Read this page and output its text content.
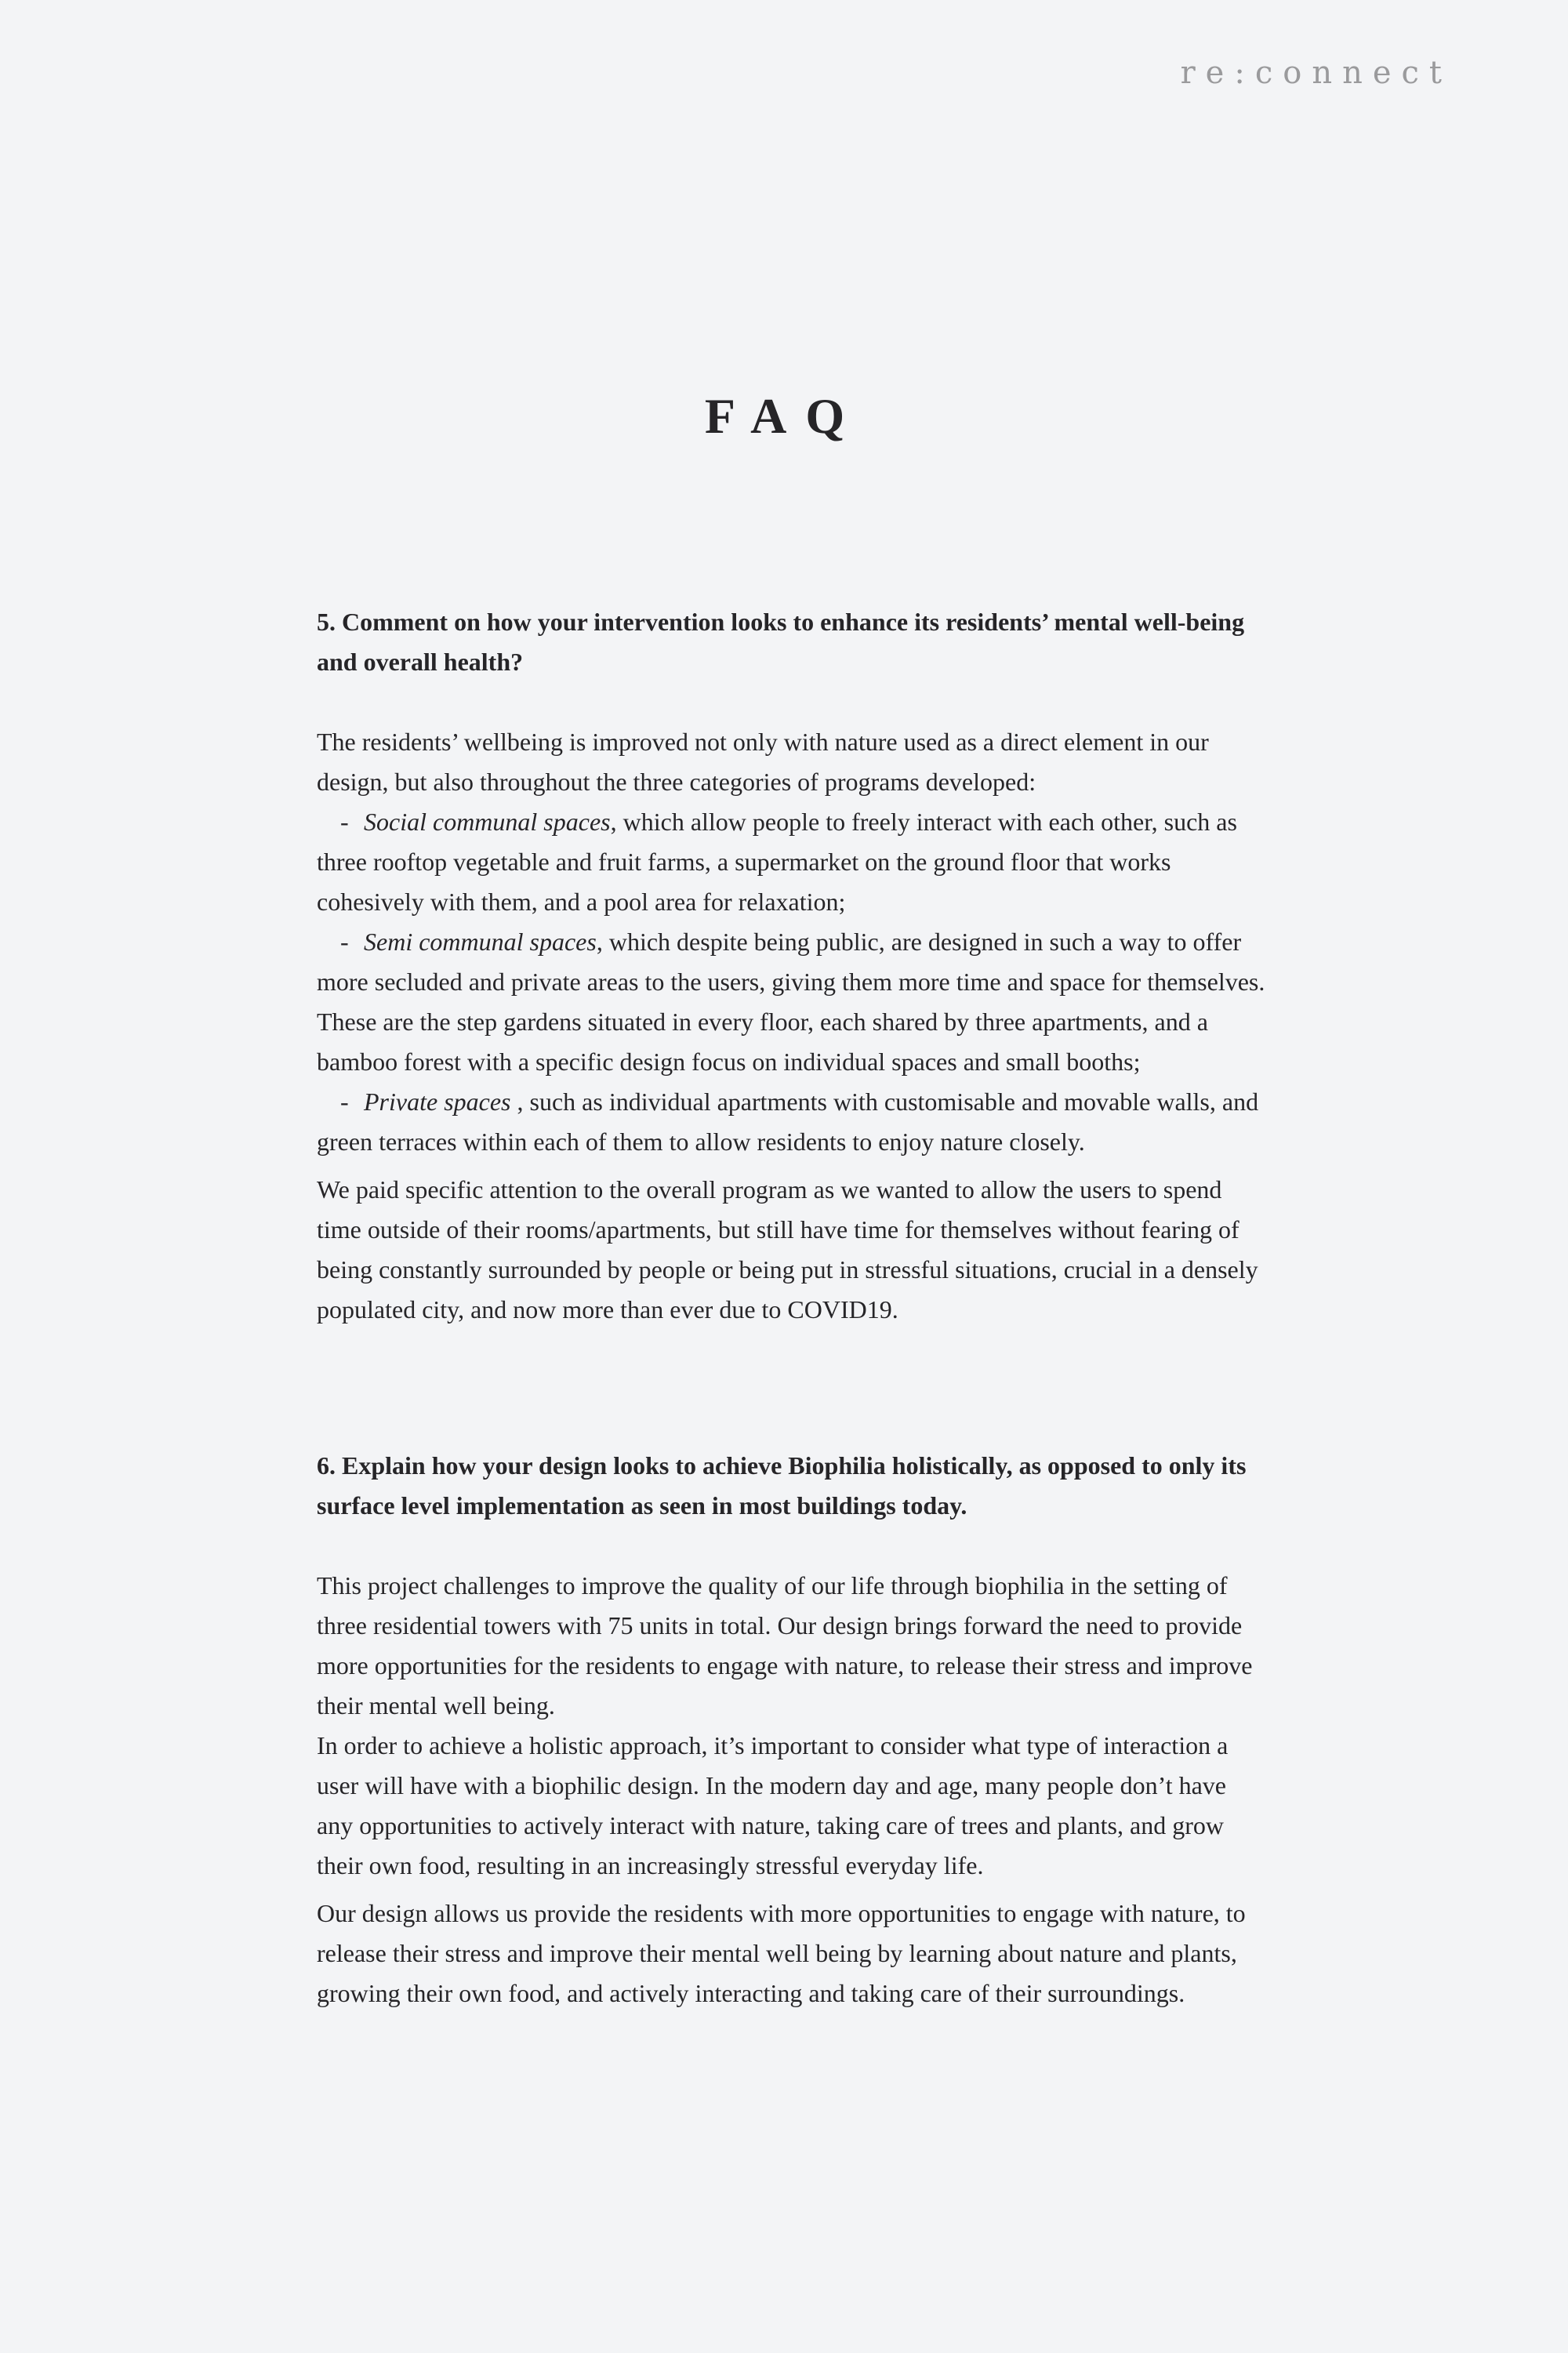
re:connect
FAQ

5. Comment on how your intervention looks to enhance its residents’ mental well-being and overall health?

The residents’ wellbeing is improved not only with nature used as a direct element in our design, but also throughout the three categories of programs developed:

- Social communal spaces, which allow people to freely interact with each other, such as three rooftop vegetable and fruit farms, a supermarket on the ground floor that works cohesively with them, and a pool area for relaxation;

- Semi communal spaces, which despite being public, are designed in such a way to offer more secluded and private areas to the users, giving them more time and space for themselves. These are the step gardens situated in every floor, each shared by three apartments, and a bamboo forest with a specific design focus on individual spaces and small booths;

- Private spaces , such as individual apartments with customisable and movable walls, and green terraces within each of them to allow residents to enjoy nature closely.

We paid specific attention to the overall program as we wanted to allow the users to spend time outside of their rooms/apartments, but still have time for themselves without fearing of being constantly surrounded by people or being put in stressful situations, crucial in a densely populated city, and now more than ever due to COVID19.

6. Explain how your design looks to achieve Biophilia holistically, as opposed to only its surface level implementation as seen in most buildings today.

This project challenges to improve the quality of our life through biophilia in the setting of three residential towers with 75 units in total. Our design brings forward the need to provide more opportunities for the residents to engage with nature, to release their stress and improve their mental well being.

In order to achieve a holistic approach, it’s important to consider what type of interaction a user will have with a biophilic design. In the modern day and age, many people don’t have any opportunities to actively interact with nature, taking care of trees and plants, and grow their own food, resulting in an increasingly stressful everyday life.

Our design allows us provide the residents with more opportunities to engage with nature, to release their stress and improve their mental well being by learning about nature and plants, growing their own food, and actively interacting and taking care of their surroundings.
